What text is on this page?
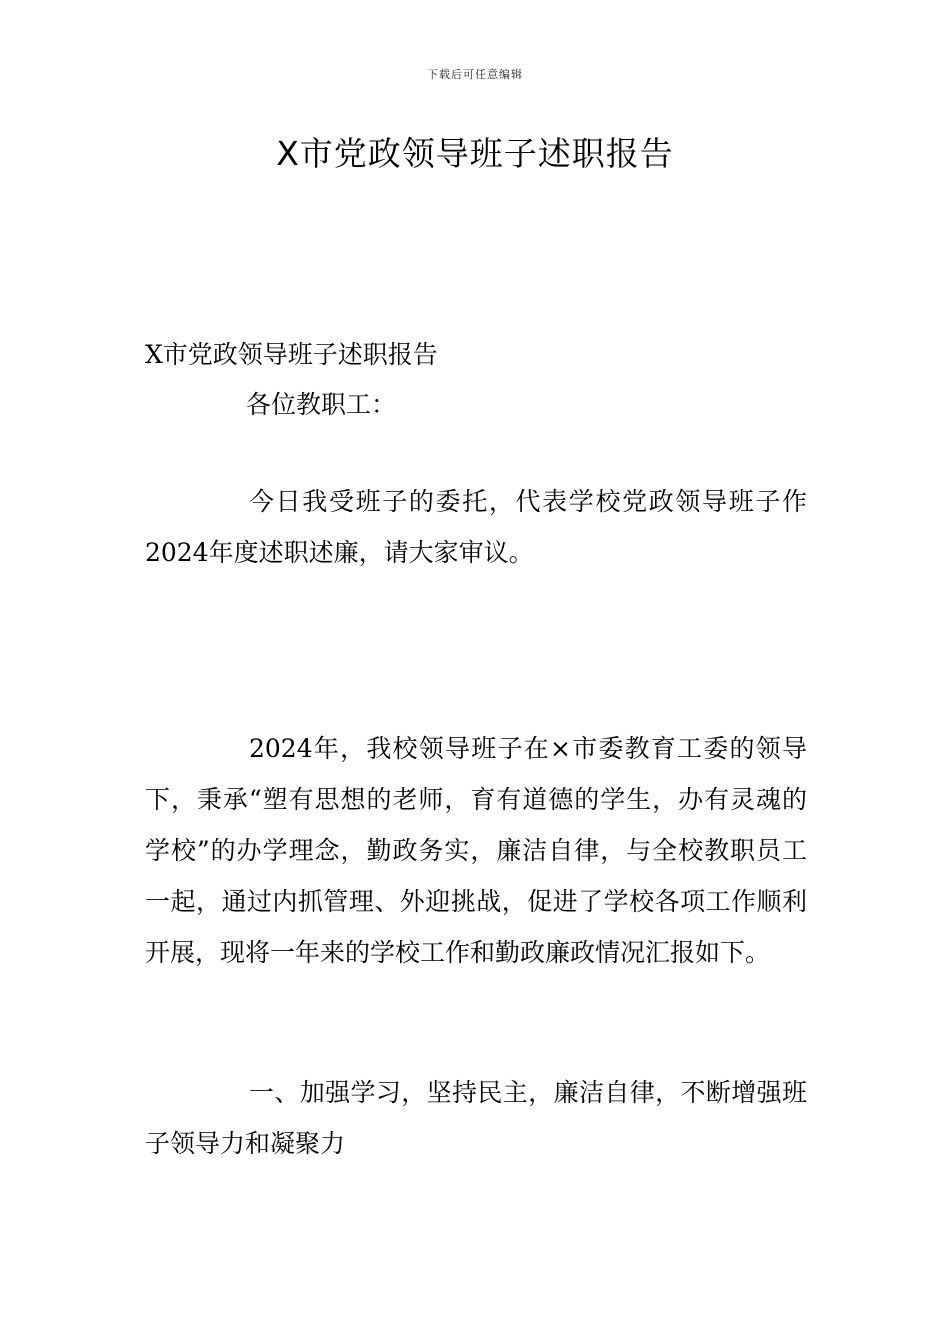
下载后可任意编辑
X市党政领导班子述职报告

X市党政领导班子述职报告

各位教职工：

今日我受班子的委托，代表学校党政领导班子作2024年度述职述廉，请大家审议。

2024年，我校领导班子在×市委教育工委的领导下，秉承“塑有思想的老师，育有道德的学生，办有灵魂的学校”的办学理念，勤政务实，廉洁自律，与全校教职员工一起，通过内抓管理、外迎挑战，促进了学校各项工作顺利开展，现将一年来的学校工作和勤政廉政情况汇报如下。

一、加强学习，坚持民主，廉洁自律，不断增强班子领导力和凝聚力
